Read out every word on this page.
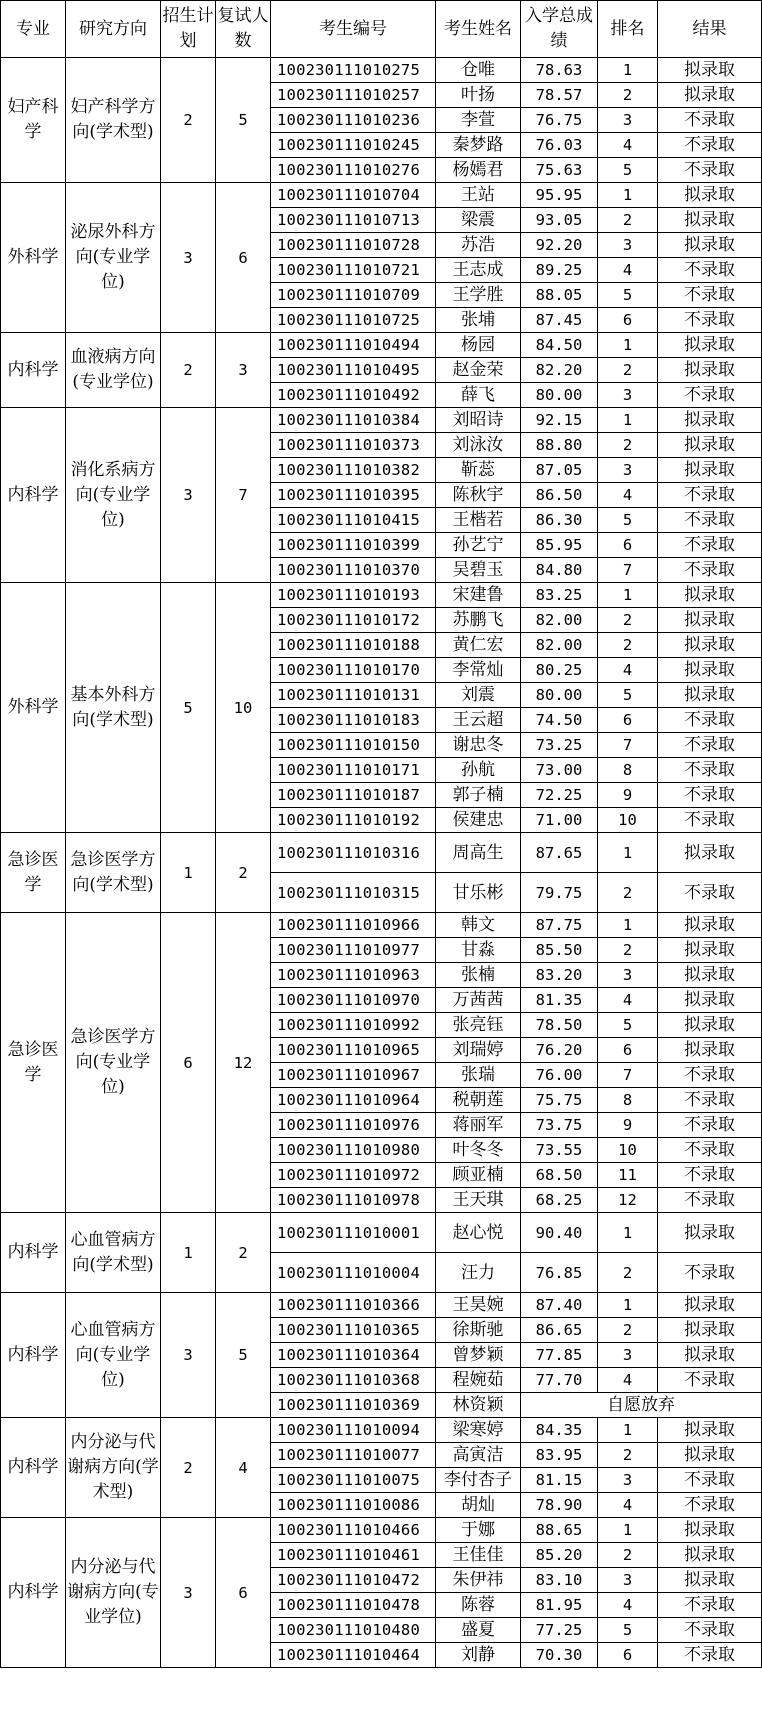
专业	研究方向	招生计划	复试人数	考生编号	考生姓名	入学总成绩	排名	结果
妇产科学	妇产科学方向(学术型)	2	5	100230111010275	仓唯	78.63	1	拟录取
				100230111010257	叶扬	78.57	2	拟录取
				100230111010236	李萱	76.75	3	不录取
				100230111010245	秦梦路	76.03	4	不录取
				100230111010276	杨嫣君	75.63	5	不录取
外科学	泌尿外科方向(专业学位)	3	6	100230111010704	王站	95.95	1	拟录取
				100230111010713	梁震	93.05	2	拟录取
				100230111010728	苏浩	92.20	3	拟录取
				100230111010721	王志成	89.25	4	不录取
				100230111010709	王学胜	88.05	5	不录取
				100230111010725	张埔	87.45	6	不录取
内科学	血液病方向(专业学位)	2	3	100230111010494	杨园	84.50	1	拟录取
				100230111010495	赵金荣	82.20	2	拟录取
				100230111010492	薛飞	80.00	3	不录取
内科学	消化系病方向(专业学位)	3	7	100230111010384	刘昭诗	92.15	1	拟录取
				100230111010373	刘泳汝	88.80	2	拟录取
				100230111010382	靳蕊	87.05	3	拟录取
				100230111010395	陈秋宇	86.50	4	不录取
				100230111010415	王楷若	86.30	5	不录取
				100230111010399	孙艺宁	85.95	6	不录取
				100230111010370	吴碧玉	84.80	7	不录取
外科学	基本外科方向(学术型)	5	10	100230111010193	宋建鲁	83.25	1	拟录取
				100230111010172	苏鹏飞	82.00	2	拟录取
				100230111010188	黄仁宏	82.00	2	拟录取
				100230111010170	李常灿	80.25	4	拟录取
				100230111010131	刘震	80.00	5	拟录取
				100230111010183	王云超	74.50	6	不录取
				100230111010150	谢忠冬	73.25	7	不录取
				100230111010171	孙航	73.00	8	不录取
				100230111010187	郭子楠	72.25	9	不录取
				100230111010192	侯建忠	71.00	10	不录取
急诊医学	急诊医学方向(学术型)	1	2	100230111010316	周高生	87.65	1	拟录取
				100230111010315	甘乐彬	79.75	2	不录取
急诊医学	急诊医学方向(专业学位)	6	12	100230111010966	韩文	87.75	1	拟录取
				100230111010977	甘淼	85.50	2	拟录取
				100230111010963	张楠	83.20	3	拟录取
				100230111010970	万茜茜	81.35	4	拟录取
				100230111010992	张亮钰	78.50	5	拟录取
				100230111010965	刘瑞婷	76.20	6	拟录取
				100230111010967	张瑞	76.00	7	不录取
				100230111010964	税朝莲	75.75	8	不录取
				100230111010976	蒋丽军	73.75	9	不录取
				100230111010980	叶冬冬	73.55	10	不录取
				100230111010972	顾亚楠	68.50	11	不录取
				100230111010978	王天琪	68.25	12	不录取
内科学	心血管病方向(学术型)	1	2	100230111010001	赵心悦	90.40	1	拟录取
				100230111010004	汪力	76.85	2	不录取
内科学	心血管病方向(专业学位)	3	5	100230111010366	王昊婉	87.40	1	拟录取
				100230111010365	徐斯驰	86.65	2	拟录取
				100230111010364	曾梦颖	77.85	3	拟录取
				100230111010368	程婉茹	77.70	4	不录取
				100230111010369	林资颖	自愿放弃		
内科学	内分泌与代谢病方向(学术型)	2	4	100230111010094	梁寒婷	84.35	1	拟录取
				100230111010077	高寅洁	83.95	2	拟录取
				100230111010075	李付杏子	81.15	3	不录取
				100230111010086	胡灿	78.90	4	不录取
内科学	内分泌与代谢病方向(专业学位)	3	6	100230111010466	于娜	88.65	1	拟录取
				100230111010461	王佳佳	85.20	2	拟录取
				100230111010472	朱伊祎	83.10	3	拟录取
				100230111010478	陈蓉	81.95	4	不录取
				100230111010480	盛夏	77.25	5	不录取
				100230111010464	刘静	70.30	6	不录取
